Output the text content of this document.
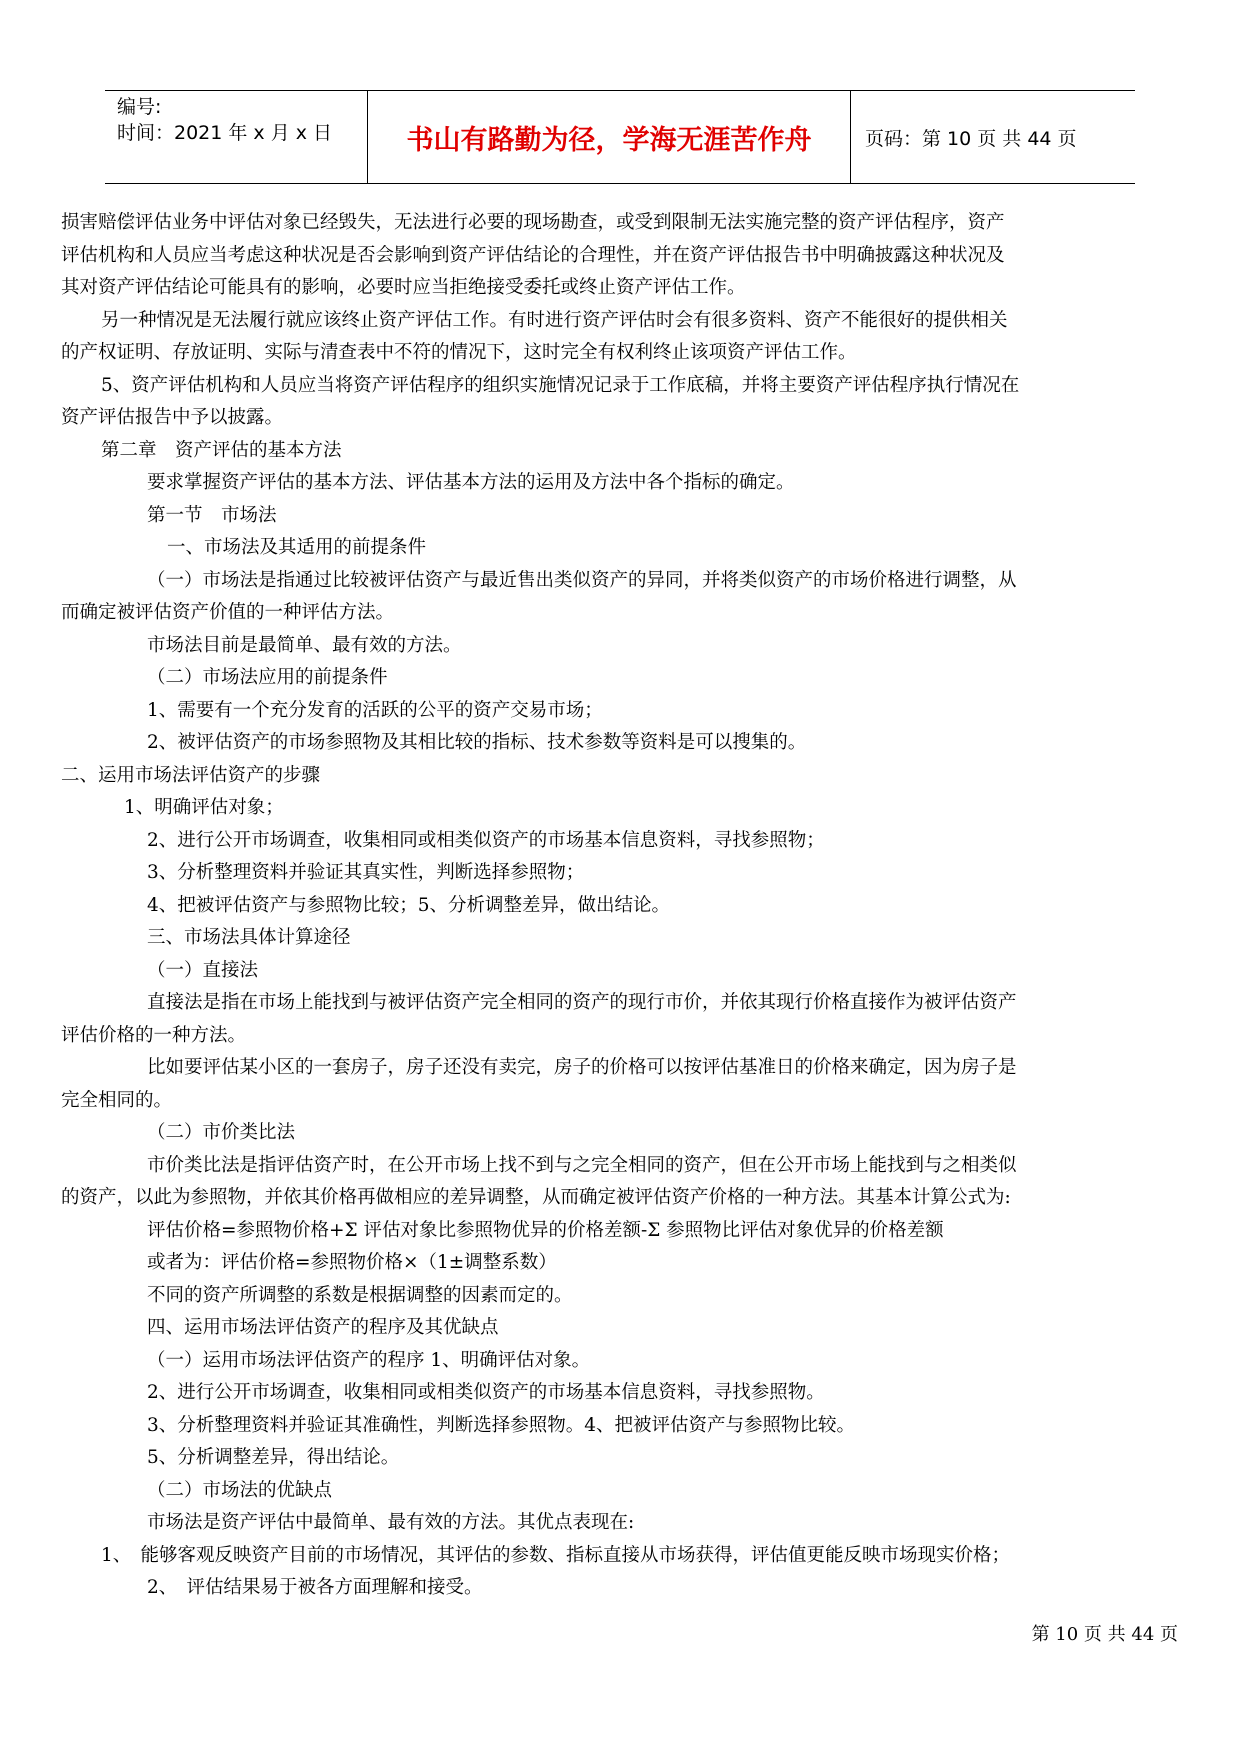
编号:
时间：2021 年 x 月 x 日	书山有路勤为径，学海无涯苦作舟	页码：第 10 页 共 44 页

损害赔偿评估业务中评估对象已经毁失，无法进行必要的现场勘查，或受到限制无法实施完整的资产评估程序，资产

评估机构和人员应当考虑这种状况是否会影响到资产评估结论的合理性，并在资产评估报告书中明确披露这种状况及

其对资产评估结论可能具有的影响，必要时应当拒绝接受委托或终止资产评估工作。

另一种情况是无法履行就应该终止资产评估工作。有时进行资产评估时会有很多资料、资产不能很好的提供相关

的产权证明、存放证明、实际与清查表中不符的情况下，这时完全有权利终止该项资产评估工作。

5、资产评估机构和人员应当将资产评估程序的组织实施情况记录于工作底稿，并将主要资产评估程序执行情况在

资产评估报告中予以披露。

第二章　资产评估的基本方法

要求掌握资产评估的基本方法、评估基本方法的运用及方法中各个指标的确定。

第一节　市场法

一、市场法及其适用的前提条件

（一）市场法是指通过比较被评估资产与最近售出类似资产的异同，并将类似资产的市场价格进行调整，从

而确定被评估资产价值的一种评估方法。

市场法目前是最简单、最有效的方法。

（二）市场法应用的前提条件

1、需要有一个充分发育的活跃的公平的资产交易市场；

2、被评估资产的市场参照物及其相比较的指标、技术参数等资料是可以搜集的。

二、运用市场法评估资产的步骤

1、明确评估对象；

2、进行公开市场调查，收集相同或相类似资产的市场基本信息资料，寻找参照物；

3、分析整理资料并验证其真实性，判断选择参照物；

4、把被评估资产与参照物比较；5、分析调整差异，做出结论。

三、市场法具体计算途径

（一）直接法

直接法是指在市场上能找到与被评估资产完全相同的资产的现行市价，并依其现行价格直接作为被评估资产

评估价格的一种方法。

比如要评估某小区的一套房子，房子还没有卖完，房子的价格可以按评估基准日的价格来确定，因为房子是

完全相同的。

（二）市价类比法

市价类比法是指评估资产时，在公开市场上找不到与之完全相同的资产，但在公开市场上能找到与之相类似

的资产，以此为参照物，并依其价格再做相应的差异调整，从而确定被评估资产价格的一种方法。其基本计算公式为:

评估价格=参照物价格+Σ 评估对象比参照物优异的价格差额-Σ 参照物比评估对象优异的价格差额

或者为：评估价格=参照物价格×（1±调整系数）

不同的资产所调整的系数是根据调整的因素而定的。

四、运用市场法评估资产的程序及其优缺点

（一）运用市场法评估资产的程序 1、明确评估对象。

2、进行公开市场调查，收集相同或相类似资产的市场基本信息资料，寻找参照物。

3、分析整理资料并验证其准确性，判断选择参照物。4、把被评估资产与参照物比较。

5、分析调整差异，得出结论。

（二）市场法的优缺点

市场法是资产评估中最简单、最有效的方法。其优点表现在:

1、　能够客观反映资产目前的市场情况，其评估的参数、指标直接从市场获得，评估值更能反映市场现实价格；

2、　评估结果易于被各方面理解和接受。

第 10 页 共 44 页
